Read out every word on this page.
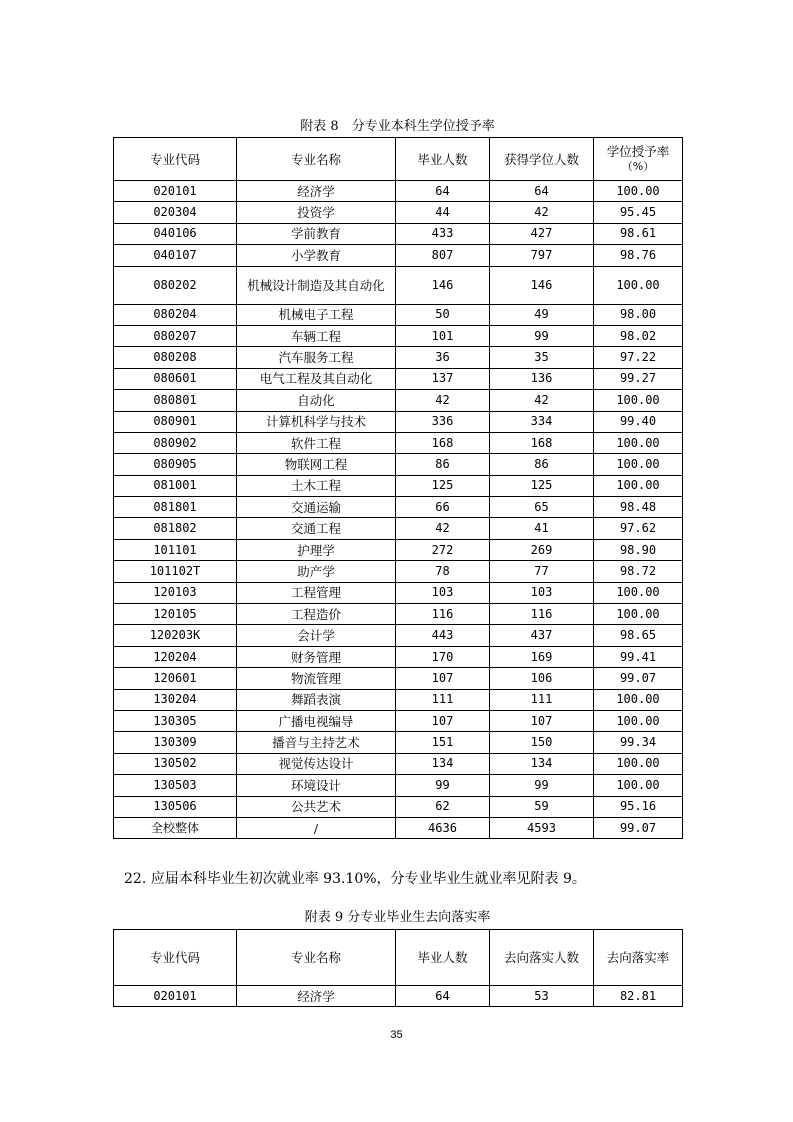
附表 8　分专业本科生学位授予率
专业代码	专业名称	毕业人数	获得学位人数	学位授予率
（%）

020101	经济学	64	64	100.00
020304	投资学	44	42	95.45
040106	学前教育	433	427	98.61
040107	小学教育	807	797	98.76
080202	机械设计制造及其自动化	146	146	100.00
080204	机械电子工程	50	49	98.00
080207	车辆工程	101	99	98.02
080208	汽车服务工程	36	35	97.22
080601	电气工程及其自动化	137	136	99.27
080801	自动化	42	42	100.00
080901	计算机科学与技术	336	334	99.40
080902	软件工程	168	168	100.00
080905	物联网工程	86	86	100.00
081001	土木工程	125	125	100.00
081801	交通运输	66	65	98.48
081802	交通工程	42	41	97.62
101101	护理学	272	269	98.90
101102T	助产学	78	77	98.72
120103	工程管理	103	103	100.00
120105	工程造价	116	116	100.00
120203K	会计学	443	437	98.65
120204	财务管理	170	169	99.41
120601	物流管理	107	106	99.07
130204	舞蹈表演	111	111	100.00
130305	广播电视编导	107	107	100.00
130309	播音与主持艺术	151	150	99.34
130502	视觉传达设计	134	134	100.00
130503	环境设计	99	99	100.00
130506	公共艺术	62	59	95.16
全校整体	/	4636	4593	99.07
22. 应届本科毕业生初次就业率 93.10%，分专业毕业生就业率见附表 9。
附表 9 分专业毕业生去向落实率
专业代码	专业名称	毕业人数	去向落实人数	去向落实率
020101	经济学	64	53	82.81
35
